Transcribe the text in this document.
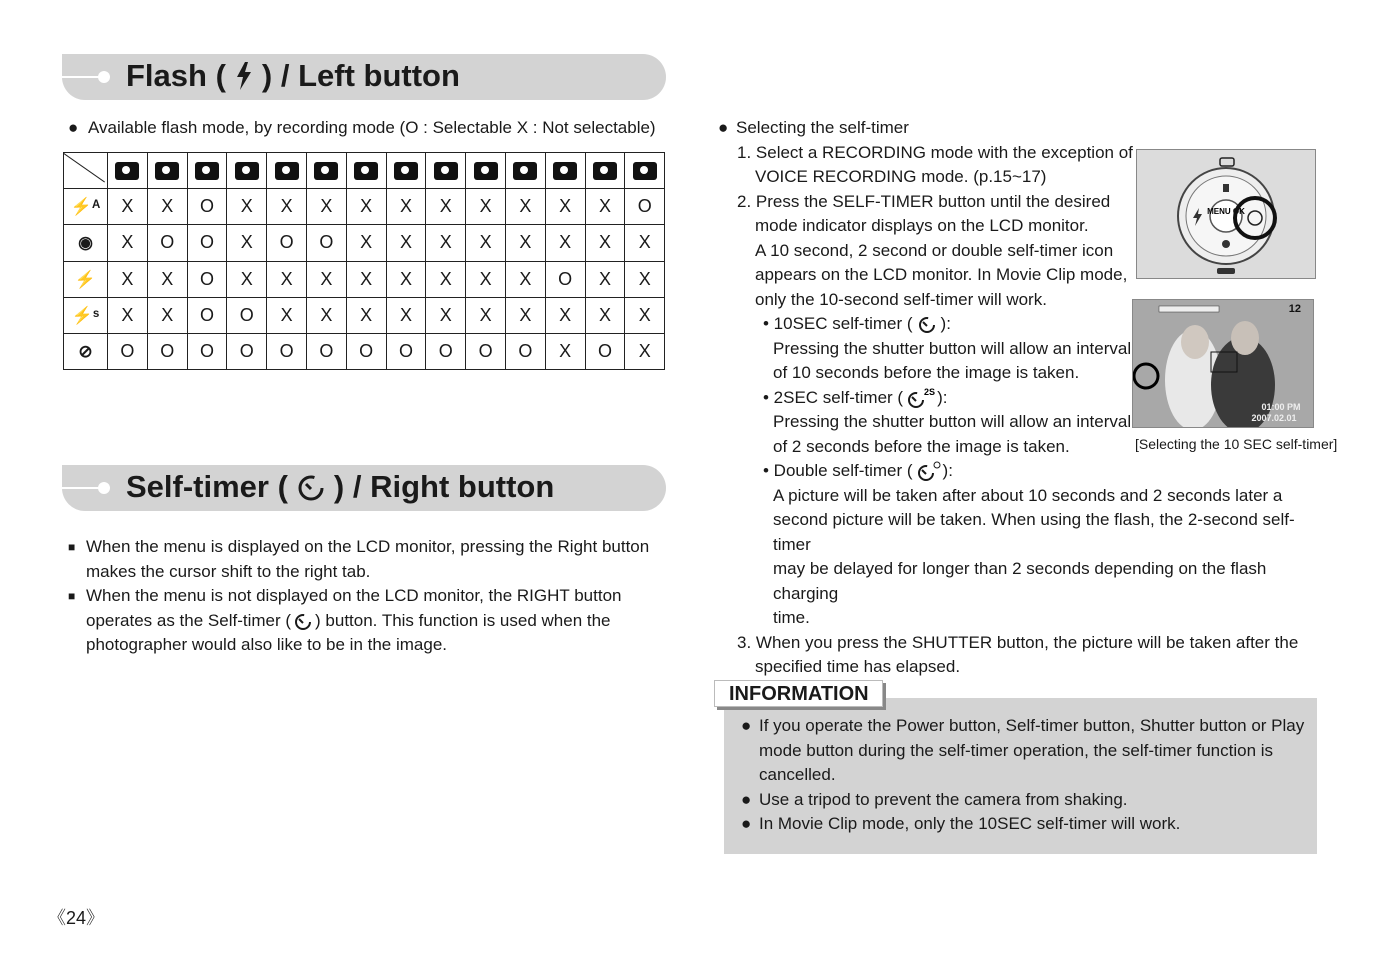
Flash ( ) / Left button
● Available flash mode, by recording mode (O : Selectable X : Not selectable)

⚡ᴬ	X	X	O	X	X	X	X	X	X	X	X	X	X	O
◉	X	O	O	X	O	O	X	X	X	X	X	X	X	X
⚡	X	X	O	X	X	X	X	X	X	X	X	O	X	X
⚡ˢ	X	X	O	O	X	X	X	X	X	X	X	X	X	X
⊘	O	O	O	O	O	O	O	O	O	O	O	X	O	X
Self-timer ( ) / Right button
■ When the menu is displayed on the LCD monitor, pressing the Right button
makes the cursor shift to the right tab.
■ When the menu is not displayed on the LCD monitor, the RIGHT button
operates as the Self-timer ( ) button. This function is used when the
photographer would also like to be in the image.
● Selecting the self-timer
1. Select a RECORDING mode with the exception of
VOICE RECORDING mode. (p.15~17)
2. Press the SELF-TIMER button until the desired
mode indicator displays on the LCD monitor.
A 10 second, 2 second or double self-timer icon
appears on the LCD monitor. In Movie Clip mode,
only the 10-second self-timer will work.
• 10SEC self-timer ( ):
Pressing the shutter button will allow an interval
of 10 seconds before the image is taken.
• 2SEC self-timer ( 2S ):
Pressing the shutter button will allow an interval
of 2 seconds before the image is taken.
• Double self-timer ( ):
A picture will be taken after about 10 seconds and 2 seconds later a
second picture will be taken. When using the flash, the 2-second self-timer
may be delayed for longer than 2 seconds depending on the flash charging
time.
3. When you press the SHUTTER button, the picture will be taken after the
specified time has elapsed.
MENU OK
12
01:00 PM
2007.02.01
[Selecting the 10 SEC self-timer]
INFORMATION
● If you operate the Power button, Self-timer button, Shutter button or Play
mode button during the self-timer operation, the self-timer function is
cancelled.
● Use a tripod to prevent the camera from shaking.
● In Movie Clip mode, only the 10SEC self-timer will work.
《24》
